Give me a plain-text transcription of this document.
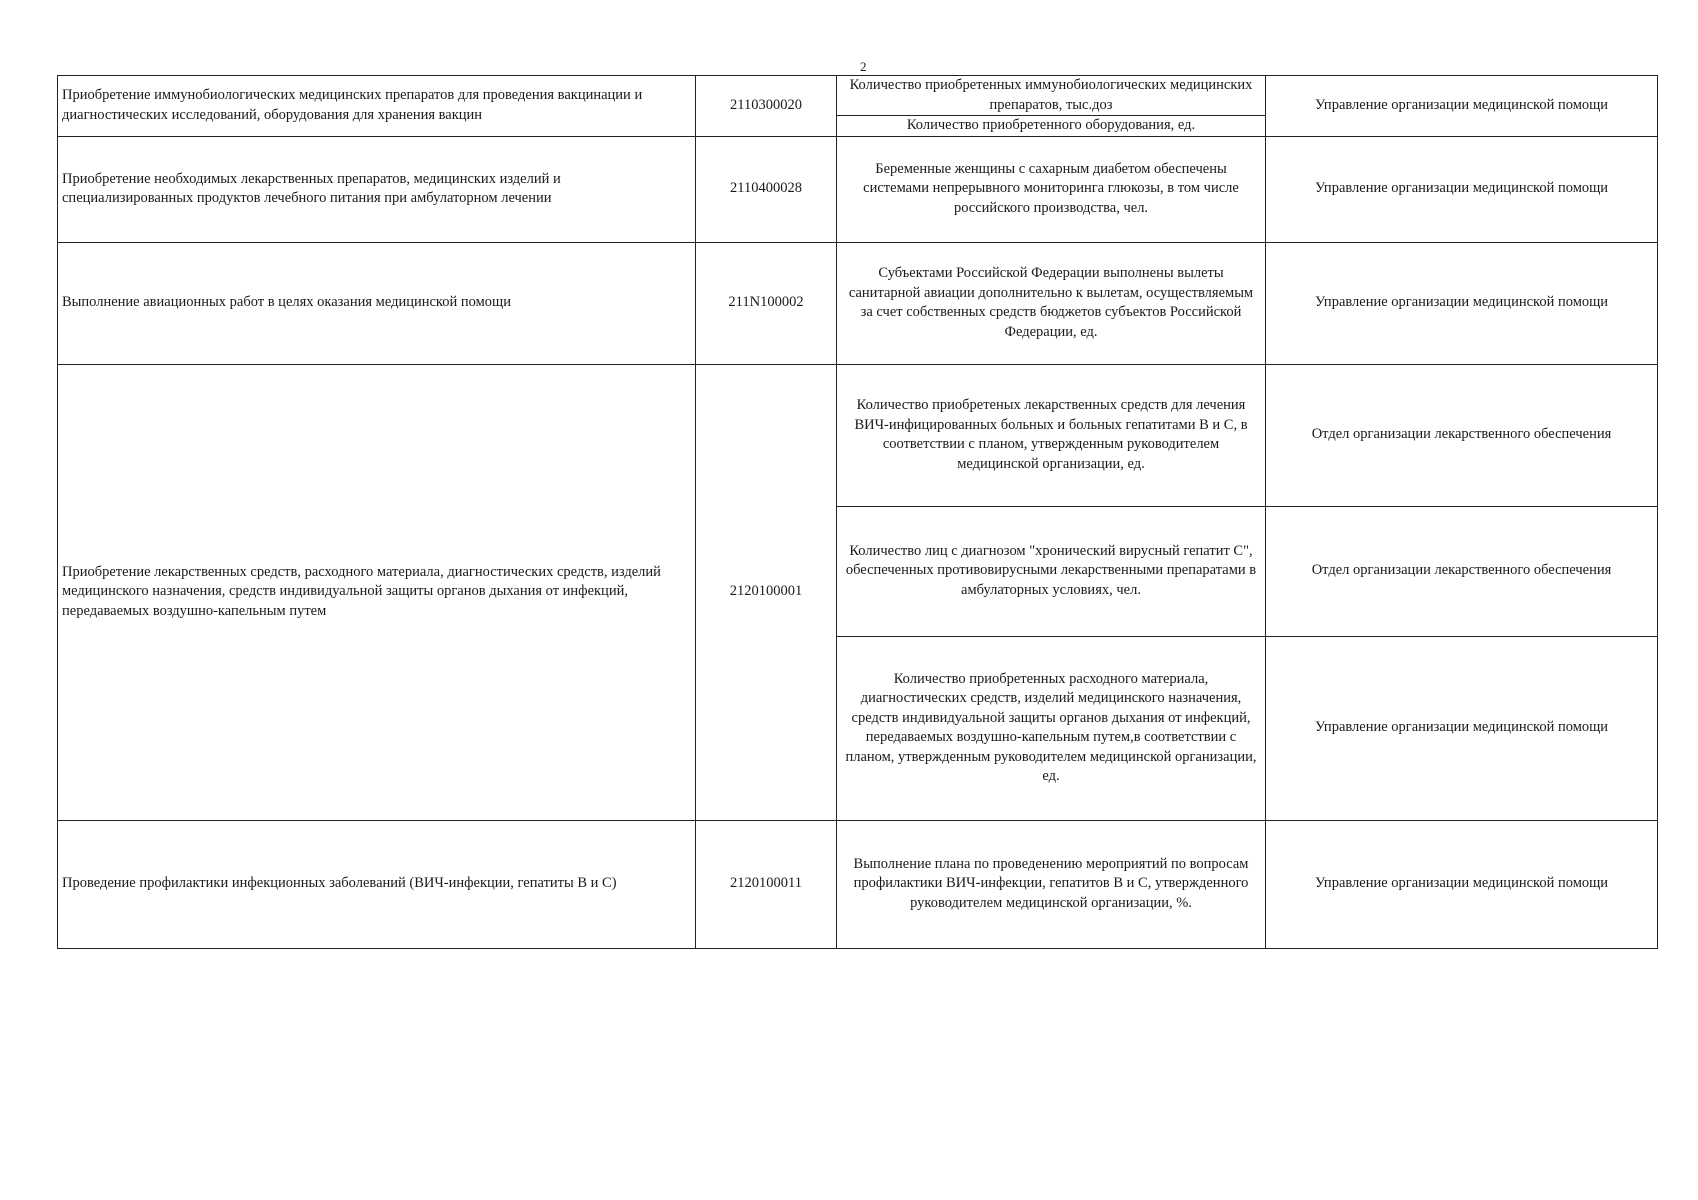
2
Приобретение иммунобиологических медицинских препаратов для проведения вакцинации и диагностических исследований, оборудования для хранения вакцин	2110300020	Количество приобретенных иммунобиологических медицинских препаратов, тыс.доз	Управление организации медицинской помощи

		Количество приобретенного оборудования, ед.	

Приобретение необходимых лекарственных препаратов, медицинских изделий и специализированных продуктов лечебного питания при амбулаторном лечении	2110400028	Беременные женщины с сахарным диабетом обеспечены системами непрерывного мониторинга глюкозы, в том числе российского производства, чел.	Управление организации медицинской помощи

Выполнение авиационных работ в целях оказания медицинской помощи	211N100002	Субъектами Российской Федерации выполнены вылеты санитарной авиации дополнительно к вылетам, осуществляемым за счет собственных средств бюджетов субъектов Российской Федерации, ед.	Управление организации медицинской помощи

Приобретение лекарственных средств, расходного материала, диагностических средств, изделий медицинского назначения, средств индивидуальной защиты органов дыхания от инфекций, передаваемых воздушно-капельным путем	2120100001	Количество приобретеных лекарственных средств для лечения ВИЧ-инфицированных больных и больных гепатитами В и С, в соответствии с планом, утвержденным руководителем медицинской организации, ед.	Отдел организации лекарственного обеспечения

		Количество лиц с диагнозом "хронический вирусный гепатит С", обеспеченных противовирусными лекарственными препаратами в амбулаторных условиях, чел.	Отдел организации лекарственного обеспечения

		Количество приобретенных расходного материала, диагностических средств, изделий медицинского назначения, средств индивидуальной защиты органов дыхания от инфекций, передаваемых воздушно-капельным путем,в соответствии с планом, утвержденным руководителем медицинской организации, ед.	Управление организации медицинской помощи

Проведение профилактики инфекционных заболеваний (ВИЧ-инфекции, гепатиты В и С)	2120100011	Выполнение плана по проведенению мероприятий по вопросам профилактики ВИЧ-инфекции, гепатитов В и С, утвержденного руководителем медицинской организации, %.	Управление организации медицинской помощи
